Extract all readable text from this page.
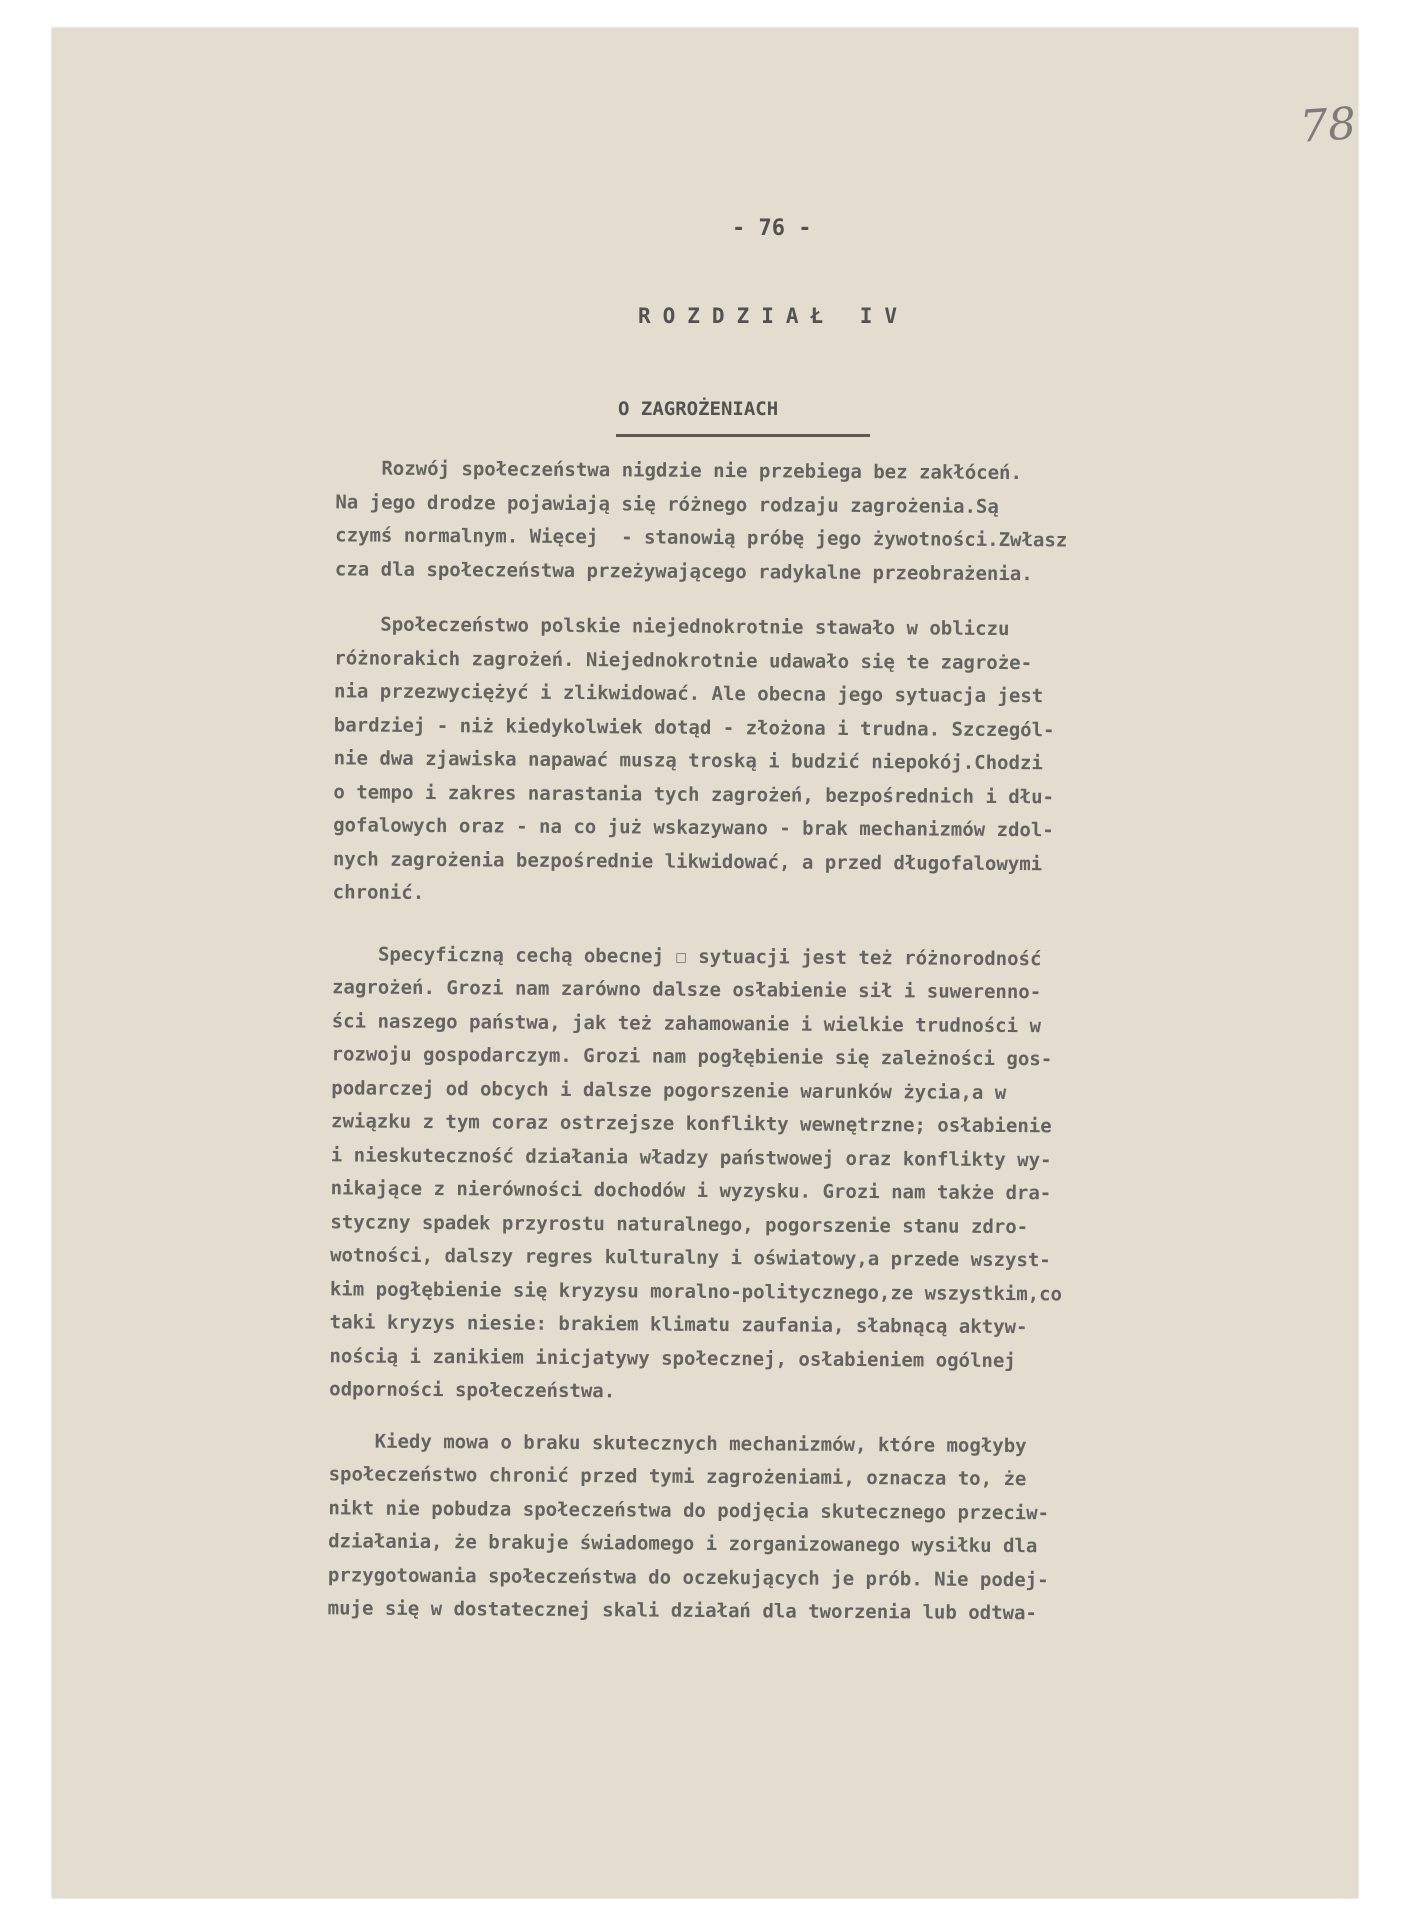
78
- 76 -
ROZDZIAŁ IV
O ZAGROŻENIACH
Rozwój społeczeństwa nigdzie nie przebiega bez zakłóceń.
Na jego drodze pojawiają się różnego rodzaju zagrożenia.Są
czymś normalnym. Więcej  - stanowią próbę jego żywotności.Zwłasz
cza dla społeczeństwa przeżywającego radykalne przeobrażenia.
Społeczeństwo polskie niejednokrotnie stawało w obliczu
różnorakich zagrożeń. Niejednokrotnie udawało się te zagroże-
nia przezwyciężyć i zlikwidować. Ale obecna jego sytuacja jest
bardziej - niż kiedykolwiek dotąd - złożona i trudna. Szczegól-
nie dwa zjawiska napawać muszą troską i budzić niepokój.Chodzi
o tempo i zakres narastania tych zagrożeń, bezpośrednich i dłu-
gofalowych oraz - na co już wskazywano - brak mechanizmów zdol-
nych zagrożenia bezpośrednie likwidować, a przed długofalowymi
chronić.
Specyficzną cechą obecnej ☐ sytuacji jest też różnorodność
zagrożeń. Grozi nam zarówno dalsze osłabienie sił i suwerenno-
ści naszego państwa, jak też zahamowanie i wielkie trudności w
rozwoju gospodarczym. Grozi nam pogłębienie się zależności gos-
podarczej od obcych i dalsze pogorszenie warunków życia,a w
związku z tym coraz ostrzejsze konflikty wewnętrzne; osłabienie
i nieskuteczność działania władzy państwowej oraz konflikty wy-
nikające z nierówności dochodów i wyzysku. Grozi nam także dra-
styczny spadek przyrostu naturalnego, pogorszenie stanu zdro-
wotności, dalszy regres kulturalny i oświatowy,a przede wszyst-
kim pogłębienie się kryzysu moralno-politycznego,ze wszystkim,co
taki kryzys niesie: brakiem klimatu zaufania, słabnącą aktyw-
nością i zanikiem inicjatywy społecznej, osłabieniem ogólnej
odporności społeczeństwa.
Kiedy mowa o braku skutecznych mechanizmów, które mogłyby
społeczeństwo chronić przed tymi zagrożeniami, oznacza to, że
nikt nie pobudza społeczeństwa do podjęcia skutecznego przeciw-
działania, że brakuje świadomego i zorganizowanego wysiłku dla
przygotowania społeczeństwa do oczekujących je prób. Nie podej-
muje się w dostatecznej skali działań dla tworzenia lub odtwa-
